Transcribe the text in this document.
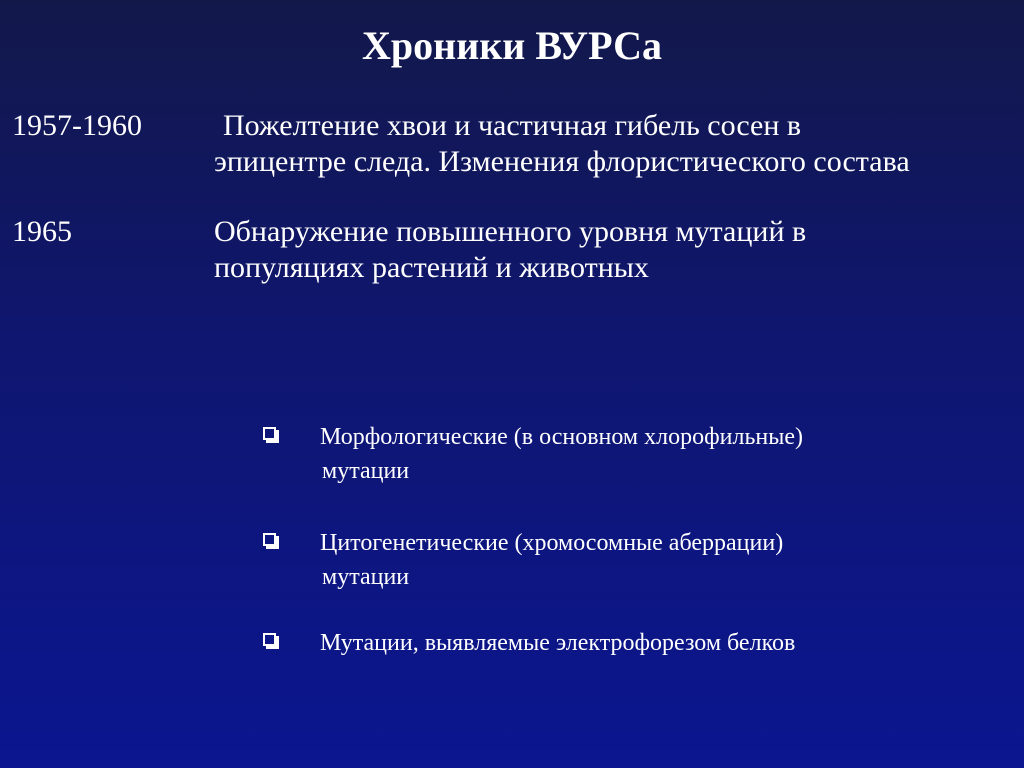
Хроники ВУРСа
1957-1960	Пожелтение хвои и частичная гибель сосен в
эпицентре следа. Изменения флористического состава
1965	Обнаружение повышенного уровня мутаций в
популяциях растений и животных
Морфологические (в основном хлорофильные)
мутации
Цитогенетические (хромосомные аберрации)
мутации
Мутации, выявляемые электрофорезом белков
